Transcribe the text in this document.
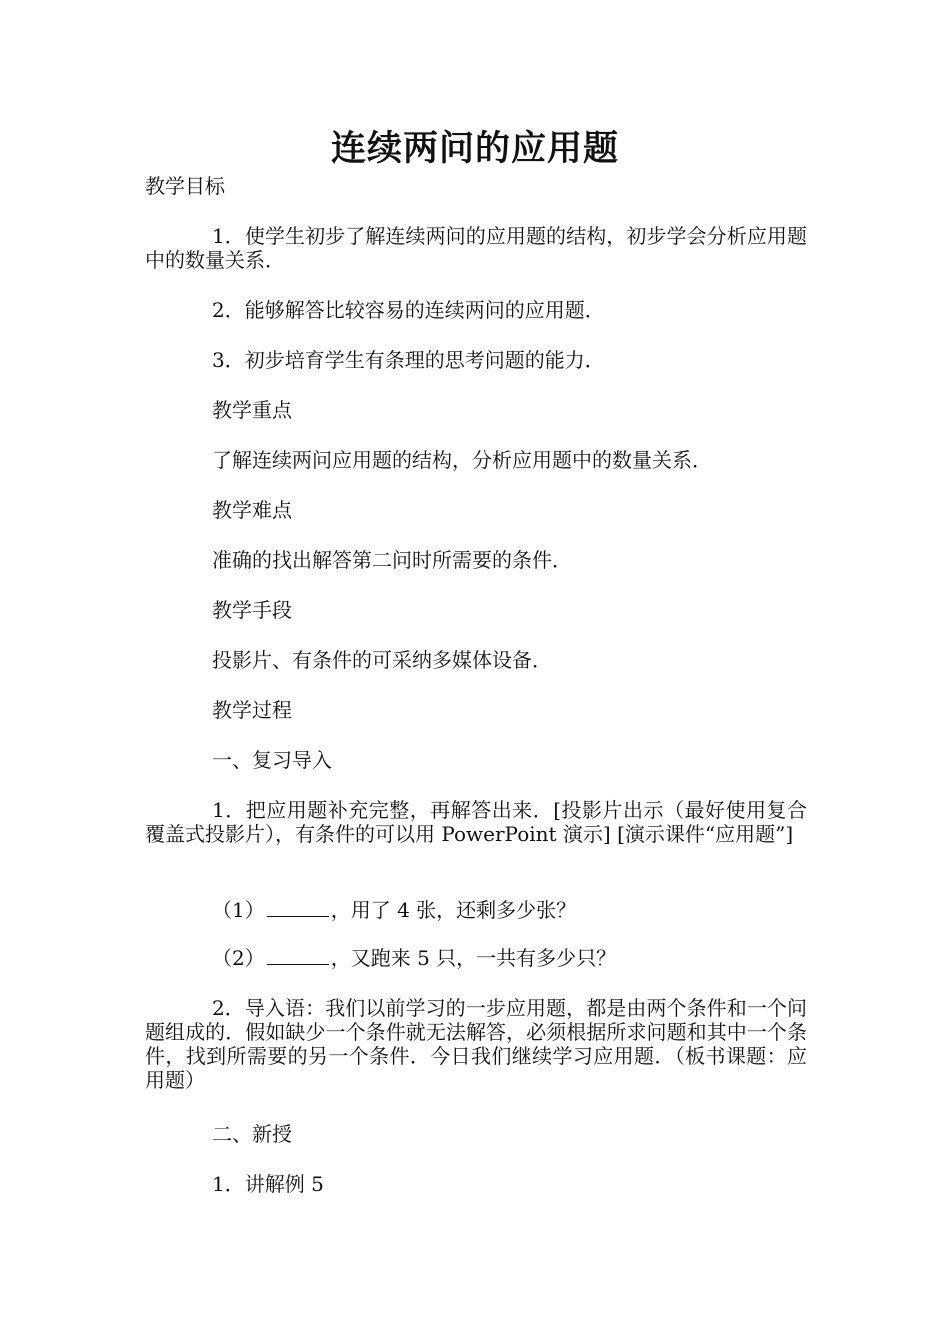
连续两问的应用题
教学目标
1．使学生初步了解连续两问的应用题的结构，初步学会分析应用题中的数量关系．
2．能够解答比较容易的连续两问的应用题．
3．初步培育学生有条理的思考问题的能力．
教学重点
了解连续两问应用题的结构，分析应用题中的数量关系．
教学难点
准确的找出解答第二问时所需要的条件．
教学手段
投影片、有条件的可采纳多媒体设备．
教学过程
一、复习导入
1．把应用题补充完整，再解答出来．[投影片出示（最好使用复合覆盖式投影片），有条件的可以用 PowerPoint 演示] [演示课件“应用题”]
（1）	，用了 4 张，还剩多少张？
（2）	，又跑来 5 只，一共有多少只？
2．导入语：我们以前学习的一步应用题，都是由两个条件和一个问题组成的．假如缺少一个条件就无法解答，必须根据所求问题和其中一个条件，找到所需要的另一个条件．今日我们继续学习应用题．（板书课题：应用题）
二、新授
1．讲解例 5
